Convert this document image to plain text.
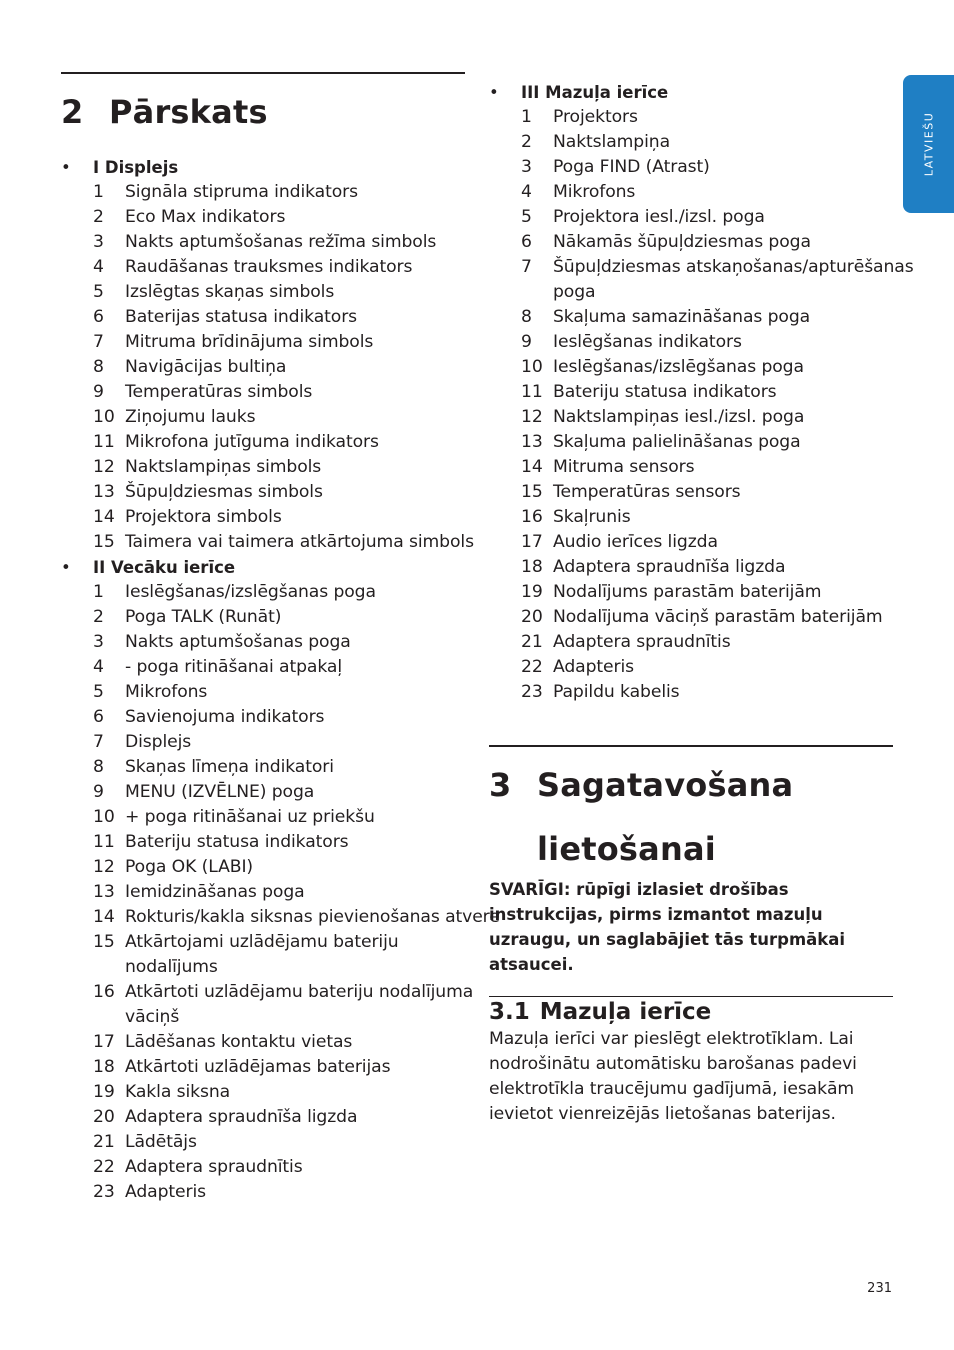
2 Pārskats
• I Displejs
1 Signāla stipruma indikators
2 Eco Max indikators
3 Nakts aptumšošanas režīma simbols
4 Raudāšanas trauksmes indikators
5 Izslēgtas skaņas simbols
6 Baterijas statusa indikators
7 Mitruma brīdinājuma simbols
8 Navigācijas bultiņa
9 Temperatūras simbols
10 Ziņojumu lauks
11 Mikrofona jutīguma indikators
12 Naktslampiņas simbols
13 Šūpuļdziesmas simbols
14 Projektora simbols
15 Taimera vai taimera atkārtojuma simbols
• II Vecāku ierīce
1 Ieslēgšanas/izslēgšanas poga
2 Poga TALK (Runāt)
3 Nakts aptumšošanas poga
4 - poga ritināšanai atpakaļ
5 Mikrofons
6 Savienojuma indikators
7 Displejs
8 Skaņas līmeņa indikatori
9 MENU (IZVĒLNE) poga
10 + poga ritināšanai uz priekšu
11 Bateriju statusa indikators
12 Poga OK (LABI)
13 Iemidzināšanas poga
14 Rokturis/kakla siksnas pievienošanas atvere
15 Atkārtojami uzlādējamu bateriju
nodalījums
16 Atkārtoti uzlādējamu bateriju nodalījuma
vāciņš
17 Lādēšanas kontaktu vietas
18 Atkārtoti uzlādējamas baterijas
19 Kakla siksna
20 Adaptera spraudnīša ligzda
21 Lādētājs
22 Adaptera spraudnītis
23 Adapteris
• III Mazuļa ierīce
1 Projektors
2 Naktslampiņa
3 Poga FIND (Atrast)
4 Mikrofons
5 Projektora iesl./izsl. poga
6 Nākamās šūpuļdziesmas poga
7 Šūpuļdziesmas atskaņošanas/apturēšanas
poga
8 Skaļuma samazināšanas poga
9 Ieslēgšanas indikators
10 Ieslēgšanas/izslēgšanas poga
11 Bateriju statusa indikators
12 Naktslampiņas iesl./izsl. poga
13 Skaļuma palielināšanas poga
14 Mitruma sensors
15 Temperatūras sensors
16 Skaļrunis
17 Audio ierīces ligzda
18 Adaptera spraudnīša ligzda
19 Nodalījums parastām baterijām
20 Nodalījuma vāciņš parastām baterijām
21 Adaptera spraudnītis
22 Adapteris
23 Papildu kabelis
3 Sagatavošana
lietošanai

SVARĪGI: rūpīgi izlasiet drošības
instrukcijas, pirms izmantot mazuļu
uzraugu, un saglabājiet tās turpmākai
atsaucei.

3.1 Mazuļa ierīce

Mazuļa ierīci var pieslēgt elektrotīklam. Lai
nodrošinātu automātisku barošanas padevi
elektrotīkla traucējumu gadījumā, iesakām
ievietot vienreizējās lietošanas baterijas.

LATVIEŠU
231
